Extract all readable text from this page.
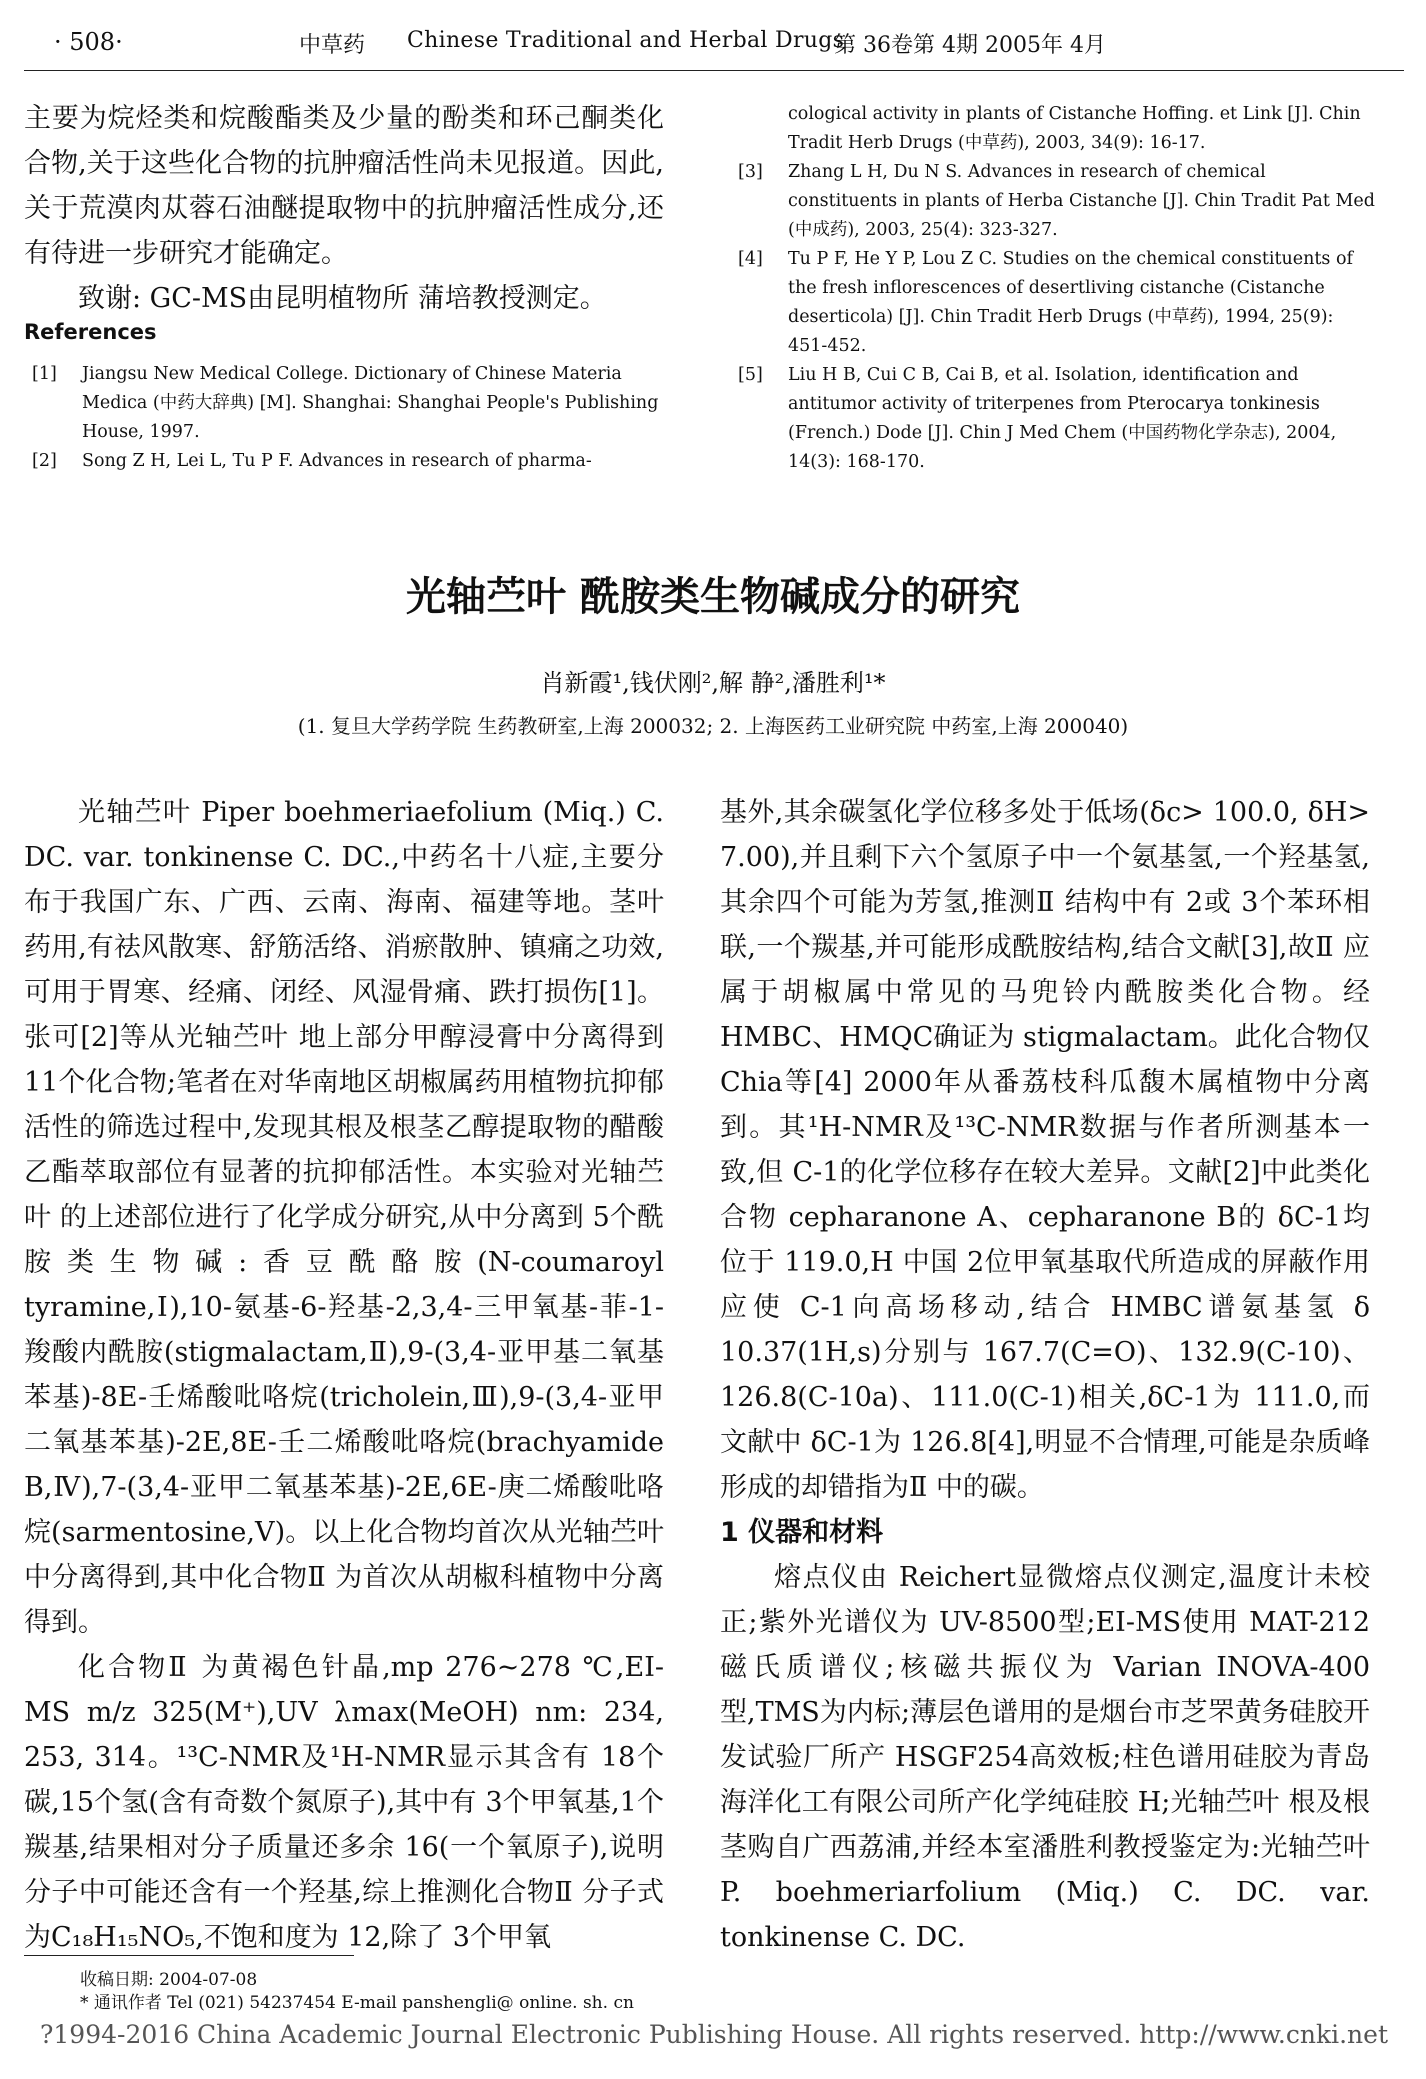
· 508·	中草药 Chinese Traditional and Herbal Drugs
第 36卷第 4期 2005年 4月

主要为烷烃类和烷酸酯类及少量的酚类和环己酮类化合物,关于这些化合物的抗肿瘤活性尚未见报道。因此,关于荒漠肉苁蓉石油醚提取物中的抗肿瘤活性成分,还有待进一步研究才能确定。

致谢: GC-MS由昆明植物所 蒲培教授测定。

References

[1] Jiangsu New Medical College. Dictionary of Chinese Materia Medica (中药大辞典) [M]. Shanghai: Shanghai People's Publishing House, 1997.

[2] Song Z H, Lei L, Tu P F. Advances in research of pharma-

cological activity in plants of Cistanche Hoffing. et Link [J]. Chin Tradit Herb Drugs (中草药), 2003, 34(9): 16-17.

[3] Zhang L H, Du N S. Advances in research of chemical constituents in plants of Herba Cistanche [J]. Chin Tradit Pat Med (中成药), 2003, 25(4): 323-327.

[4] Tu P F, He Y P, Lou Z C. Studies on the chemical constituents of the fresh inflorescences of desertliving cistanche (Cistanche deserticola) [J]. Chin Tradit Herb Drugs (中草药), 1994, 25(9): 451-452.

[5] Liu H B, Cui C B, Cai B, et al. Isolation, identification and antitumor activity of triterpenes from Pterocarya tonkinesis (French.) Dode [J]. Chin J Med Chem (中国药物化学杂志), 2004, 14(3): 168-170.

光轴苎叶 酰胺类生物碱成分的研究
肖新霞¹,钱伏刚²,解 静²,潘胜利¹*
(1. 复旦大学药学院 生药教研室,上海 200032; 2. 上海医药工业研究院 中药室,上海 200040)

光轴苎叶 Piper boehmeriaefolium (Miq.) C. DC. var. tonkinense C. DC.,中药名十八症,主要分布于我国广东、广西、云南、海南、福建等地。茎叶药用,有祛风散寒、舒筋活络、消瘀散肿、镇痛之功效,可用于胃寒、经痛、闭经、风湿骨痛、跌打损伤[1]。张可[2]等从光轴苎叶 地上部分甲醇浸膏中分离得到 11个化合物;笔者在对华南地区胡椒属药用植物抗抑郁活性的筛选过程中,发现其根及根茎乙醇提取物的醋酸乙酯萃取部位有显著的抗抑郁活性。本实验对光轴苎叶 的上述部位进行了化学成分研究,从中分离到 5个酰胺类生物碱:香豆酰酪胺(N-coumaroyl tyramine,Ⅰ),10-氨基-6-羟基-2,3,4-三甲氧基-菲-1-羧酸内酰胺(stigmalactam,Ⅱ),9-(3,4-亚甲基二氧基苯基)-8E-壬烯酸吡咯烷(tricholein,Ⅲ),9-(3,4-亚甲二氧基苯基)-2E,8E-壬二烯酸吡咯烷(brachyamide B,Ⅳ),7-(3,4-亚甲二氧基苯基)-2E,6E-庚二烯酸吡咯烷(sarmentosine,Ⅴ)。以上化合物均首次从光轴苎叶 中分离得到,其中化合物Ⅱ 为首次从胡椒科植物中分离得到。

化合物Ⅱ 为黄褐色针晶,mp 276~278 ℃,EI-MS m/z 325(M⁺),UV λmax(MeOH) nm: 234, 253, 314。¹³C-NMR及¹H-NMR显示其含有 18个碳,15个氢(含有奇数个氮原子),其中有 3个甲氧基,1个羰基,结果相对分子质量还多余 16(一个氧原子),说明分子中可能还含有一个羟基,综上推测化合物Ⅱ 分子式为C₁₈H₁₅NO₅,不饱和度为 12,除了 3个甲氧

基外,其余碳氢化学位移多处于低场(δc> 100.0, δH> 7.00),并且剩下六个氢原子中一个氨基氢,一个羟基氢,其余四个可能为芳氢,推测Ⅱ 结构中有 2或 3个苯环相联,一个羰基,并可能形成酰胺结构,结合文献[3],故Ⅱ 应属于胡椒属中常见的马兜铃内酰胺类化合物。经 HMBC、HMQC确证为 stigmalactam。此化合物仅 Chia等[4] 2000年从番荔枝科瓜馥木属植物中分离到。其¹H-NMR及¹³C-NMR数据与作者所测基本一致,但 C-1的化学位移存在较大差异。文献[2]中此类化合物 cepharanone A、cepharanone B的 δC-1均位于 119.0,H 中国 2位甲氧基取代所造成的屏蔽作用应使 C-1向高场移动,结合 HMBC谱氨基氢 δ 10.37(1H,s)分别与 167.7(C=O)、132.9(C-10)、126.8(C-10a)、111.0(C-1)相关,δC-1为 111.0,而文献中 δC-1为 126.8[4],明显不合情理,可能是杂质峰形成的却错指为Ⅱ 中的碳。

1 仪器和材料

熔点仪由 Reichert显微熔点仪测定,温度计未校正;紫外光谱仪为 UV-8500型;EI-MS使用 MAT-212磁氏质谱仪;核磁共振仪为 Varian INOVA-400型,TMS为内标;薄层色谱用的是烟台市芝罘黄务硅胶开发试验厂所产 HSGF254高效板;柱色谱用硅胶为青岛海洋化工有限公司所产化学纯硅胶 H;光轴苎叶 根及根茎购自广西荔浦,并经本室潘胜利教授鉴定为:光轴苎叶 P. boehmeriarfolium (Miq.) C. DC. var. tonkinense C. DC.

收稿日期: 2004-07-08
* 通讯作者 Tel (021) 54237454 E-mail panshengli@ online. sh. cn
?1994-2016 China Academic Journal Electronic Publishing House. All rights reserved. http://www.cnki.net
